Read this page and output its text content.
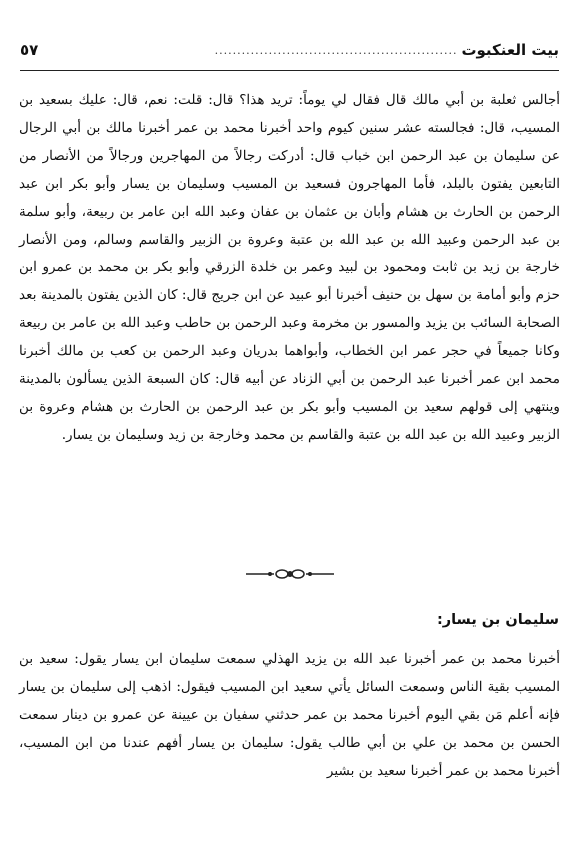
بيت العنكبوت
......................................................
٥٧

أجالس ثعلبة بن أبي مالك قال فقال لي يوماً: تريد هذا؟ قال: قلت: نعم، قال: عليك بسعيد بن المسيب، قال: فجالسته عشر سنين كيوم واحد أخبرنا محمد بن عمر أخبرنا مالك بن أبي الرجال عن سليمان بن عبد الرحمن ابن خباب قال: أدركت رجالاً من المهاجرين ورجالاً من الأنصار من التابعين يفتون بالبلد، فأما المهاجرون فسعيد بن المسيب وسليمان بن يسار وأبو بكر ابن عبد الرحمن بن الحارث بن هشام وأبان بن عثمان بن عفان وعبد الله ابن عامر بن ربيعة، وأبو سلمة بن عبد الرحمن وعبيد الله بن عبد الله بن عتبة وعروة بن الزبير والقاسم وسالم، ومن الأنصار خارجة بن زيد بن ثابت ومحمود بن لبيد وعمر بن خلدة الزرقي وأبو بكر بن محمد بن عمرو ابن حزم وأبو أمامة بن سهل بن حنيف أخبرنا أبو عبيد عن ابن جريج قال: كان الذين يفتون بالمدينة بعد الصحابة السائب بن يزيد والمسور بن مخرمة وعبد الرحمن بن حاطب وعبد الله بن عامر بن ربيعة وكانا جميعاً في حجر عمر ابن الخطاب، وأبواهما بدريان وعبد الرحمن بن كعب بن مالك أخبرنا محمد ابن عمر أخبرنا عبد الرحمن بن أبي الزناد عن أبيه قال: كان السبعة الذين يسألون بالمدينة وينتهي إلى قولهم سعيد بن المسيب وأبو بكر بن عبد الرحمن بن الحارث بن هشام وعروة بن الزبير وعبيد الله بن عبد الله بن عتبة والقاسم بن محمد وخارجة بن زيد وسليمان بن يسار.

سليمان بن يسار:

أخبرنا محمد بن عمر أخبرنا عبد الله بن يزيد الهذلي سمعت سليمان ابن يسار يقول: سعيد بن المسيب بقية الناس وسمعت السائل يأتي سعيد ابن المسيب فيقول: اذهب إلى سليمان بن يسار فإنه أعلم مَن بقي اليوم أخبرنا محمد بن عمر حدثني سفيان بن عيينة عن عمرو بن دينار سمعت الحسن بن محمد بن علي بن أبي طالب يقول: سليمان بن يسار أفهم عندنا من ابن المسيب، أخبرنا محمد بن عمر أخبرنا سعيد بن بشير
